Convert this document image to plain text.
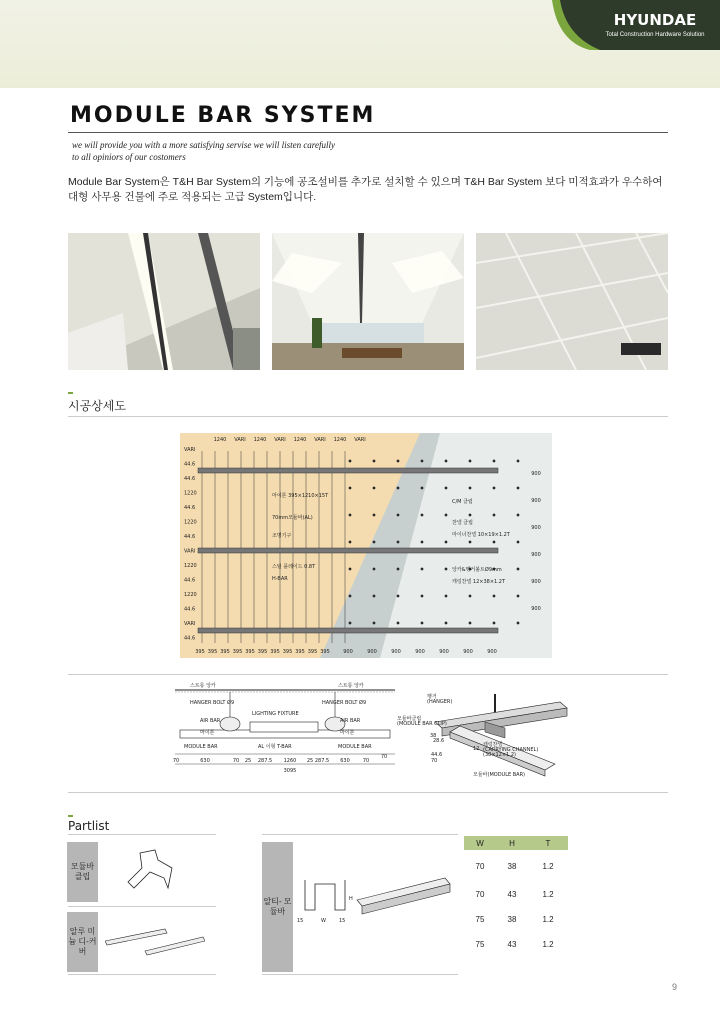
HYUNDAE
Total Construction Hardware Solution
MODULE BAR SYSTEM
we will provide you with a more satisfying servise we will listen carefully
to all opiniors of our costomers
Module Bar System은 T&H Bar System의 기능에 공조설비를 추가로 설치할 수 있으며 T&H Bar System 보다 미적효과가 우수하여 대형 사무용 건물에 주로 적용되는 고급 System입니다.
시공상세도
1240 VARI 1240 VARI 1240 VARI 1240 VARI
VARI
44.6
44.6
1220
44.6
1220
44.6
VARI
1220
44.6
1220
44.6
VARI
44.6
395 395 395 395 395 395 395 395 395 395 395	900	900	900	900	900	900	900
900
900
900
900
900
900
마이톤 395×1210×15T
70mm모듈바(AL)
조명기구
스틸 플레이드 0.8T
H-BAR
C/M 클립
찬넬 클립
마이너찬넬 10×19×1.2T
앙카&행거볼트Ø9mm
캐링찬넬 12×38×1.2T
스트롱 앙카	스트롱 앙카
HANGER BOLT Ø9	HANGER BOLT Ø9
LIGHTING FIXTURE
AIR BAR	AIR BAR
마이톤	마이톤
MODULE BAR	MODULE BAR
AL 이형 T-BAR
70	630	70 25 287.5 1260 25 287.5 630	70
70
3095
행거
(HANGER)
모듈바클립
(MODULE BAR CLIP)
38
28.6
12
44.6
70
캐링찬넬
(CARRYING CHANNEL)
(38×12×1.2)
모듈바(MODULE BAR)
Partlist
모듈바 클립
알루 미늄 디-커버
알티- 모듈바
H
15	W	15
W	H	T
70	38	1.2
70	43	1.2
75	38	1.2
75	43	1.2

9
